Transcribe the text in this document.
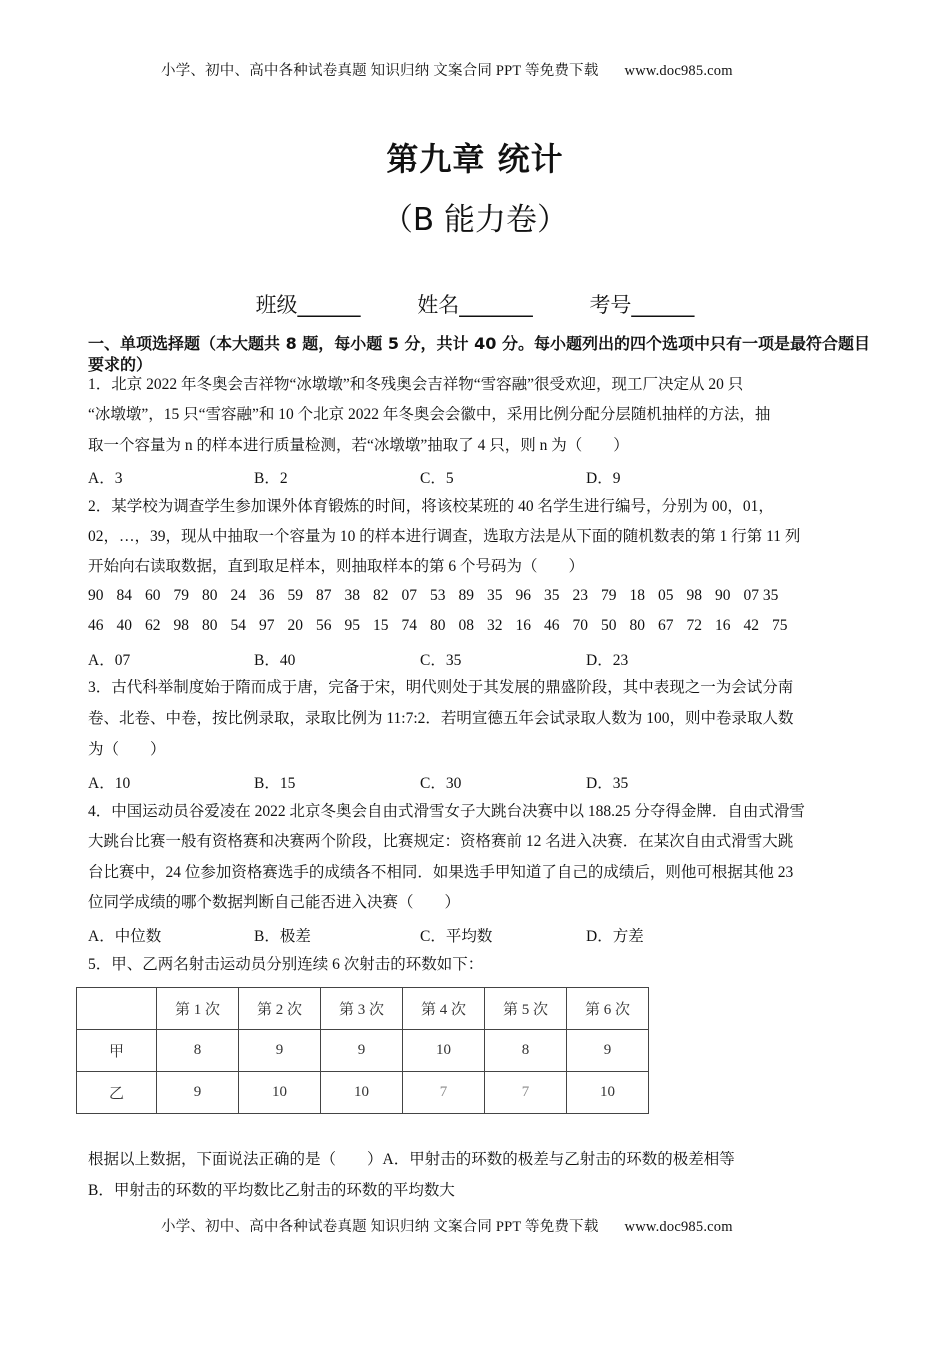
小学、初中、高中各种试卷真题 知识归纳 文案合同 PPT 等免费下载 www.doc985.com
第九章 统计
（B 能力卷）
班级______	姓名_______	考号______
一、单项选择题（本大题共 8 题，每小题 5 分，共计 40 分。每小题列出的四个选项中只有一项是最符合题目要求的）
1．北京 2022 年冬奥会吉祥物“冰墩墩”和冬残奥会吉祥物“雪容融”很受欢迎，现工厂决定从 20 只
“冰墩墩”，15 只“雪容融”和 10 个北京 2022 年冬奥会会徽中，采用比例分配分层随机抽样的方法，抽
取一个容量为 n 的样本进行质量检测，若“冰墩墩”抽取了 4 只，则 n 为（　　）
A．3	B．2	C．5	D．9
2．某学校为调查学生参加课外体育锻炼的时间，将该校某班的 40 名学生进行编号，分别为 00，01，
02，…，39，现从中抽取一个容量为 10 的样本进行调查，选取方法是从下面的随机数表的第 1 行第 11 列
开始向右读取数据，直到取足样本，则抽取样本的第 6 个号码为（　　）
90 84 60 79 80 24 36 59 87 38 82 07 53 89 35 96 35 23 79 18 05 98 90 07 35
46 40 62 98 80 54 97 20 56 95 15 74 80 08 32 16 46 70 50 80 67 72 16 42 75
A．07	B．40	C．35	D．23
3．古代科举制度始于隋而成于唐，完备于宋，明代则处于其发展的鼎盛阶段，其中表现之一为会试分南
卷、北卷、中卷，按比例录取，录取比例为 11:7:2．若明宣德五年会试录取人数为 100，则中卷录取人数
为（　　）
A．10	B．15	C．30	D．35
4．中国运动员谷爱凌在 2022 北京冬奥会自由式滑雪女子大跳台决赛中以 188.25 分夺得金牌．自由式滑雪
大跳台比赛一般有资格赛和决赛两个阶段，比赛规定：资格赛前 12 名进入决赛．在某次自由式滑雪大跳
台比赛中，24 位参加资格赛选手的成绩各不相同．如果选手甲知道了自己的成绩后，则他可根据其他 23
位同学成绩的哪个数据判断自己能否进入决赛（　　）
A．中位数	B．极差	C．平均数	D．方差
5．甲、乙两名射击运动员分别连续 6 次射击的环数如下：
	第 1 次	第 2 次	第 3 次	第 4 次	第 5 次	第 6 次
甲	8	9	9	10	8	9
乙	9	10	10	7	7	10
根据以上数据，下面说法正确的是（　　）A．甲射击的环数的极差与乙射击的环数的极差相等
B．甲射击的环数的平均数比乙射击的环数的平均数大
小学、初中、高中各种试卷真题 知识归纳 文案合同 PPT 等免费下载 www.doc985.com
